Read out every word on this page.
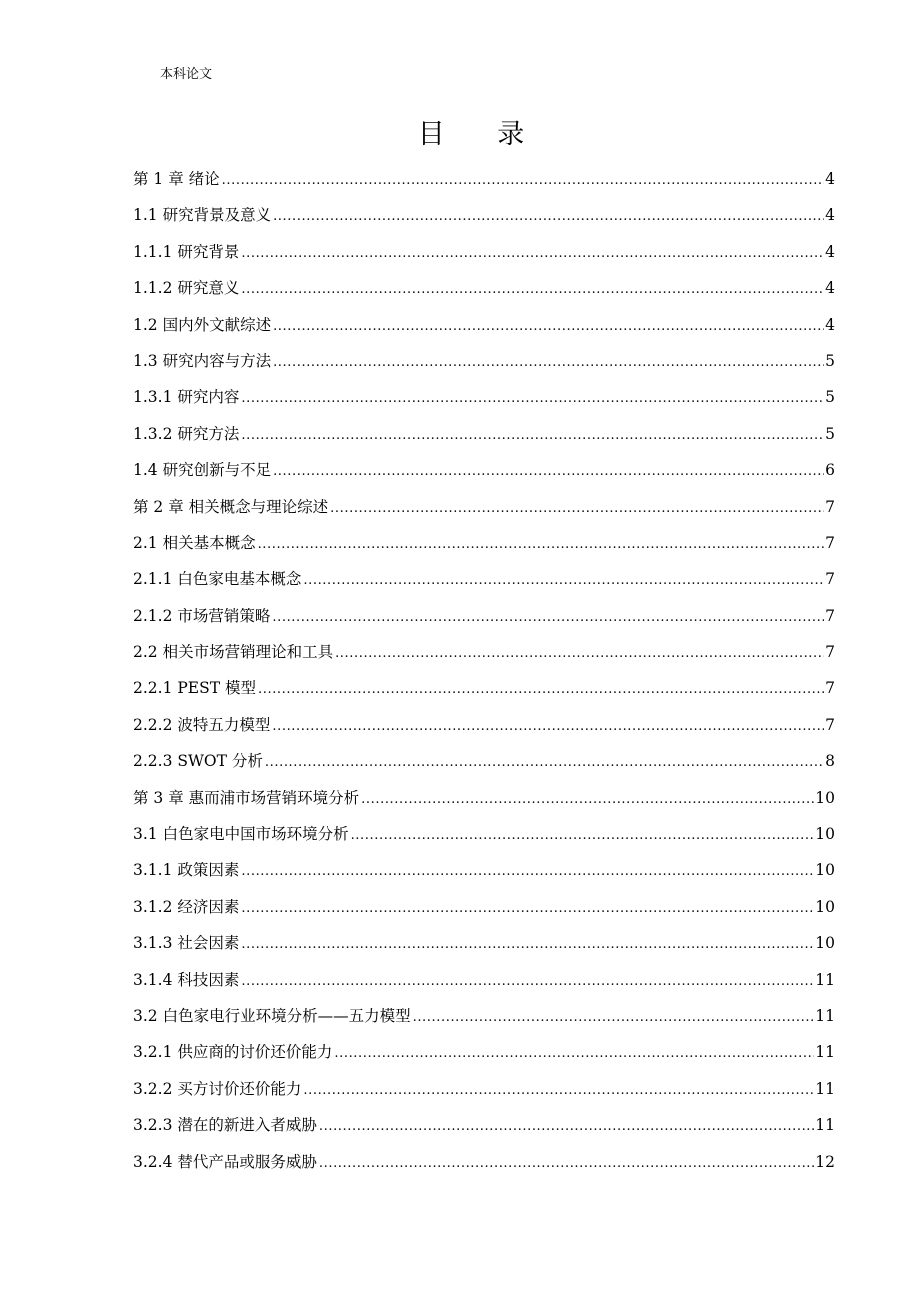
本科论文
目 录
第 1 章 绪论 .....	4
1.1 研究背景及意义 .....	4
1.1.1 研究背景 .....	4
1.1.2 研究意义 .....	4
1.2 国内外文献综述 .....	4
1.3 研究内容与方法 .....	5
1.3.1 研究内容 .....	5
1.3.2 研究方法 .....	5
1.4 研究创新与不足 .....	6
第 2 章 相关概念与理论综述 .....	7
2.1 相关基本概念 .....	7
2.1.1 白色家电基本概念 .....	7
2.1.2 市场营销策略 .....	7
2.2 相关市场营销理论和工具 .....	7
2.2.1 PEST 模型 .....	7
2.2.2 波特五力模型 .....	7
2.2.3 SWOT 分析 .....	8
第 3 章 惠而浦市场营销环境分析 .....	10
3.1 白色家电中国市场环境分析 .....	10
3.1.1 政策因素 .....	10
3.1.2 经济因素 .....	10
3.1.3 社会因素 .....	10
3.1.4 科技因素 .....	11
3.2 白色家电行业环境分析——五力模型 .....	11
3.2.1 供应商的讨价还价能力 .....	11
3.2.2 买方讨价还价能力 .....	11
3.2.3 潜在的新进入者威胁 .....	11
3.2.4 替代产品或服务威胁 .....	12
